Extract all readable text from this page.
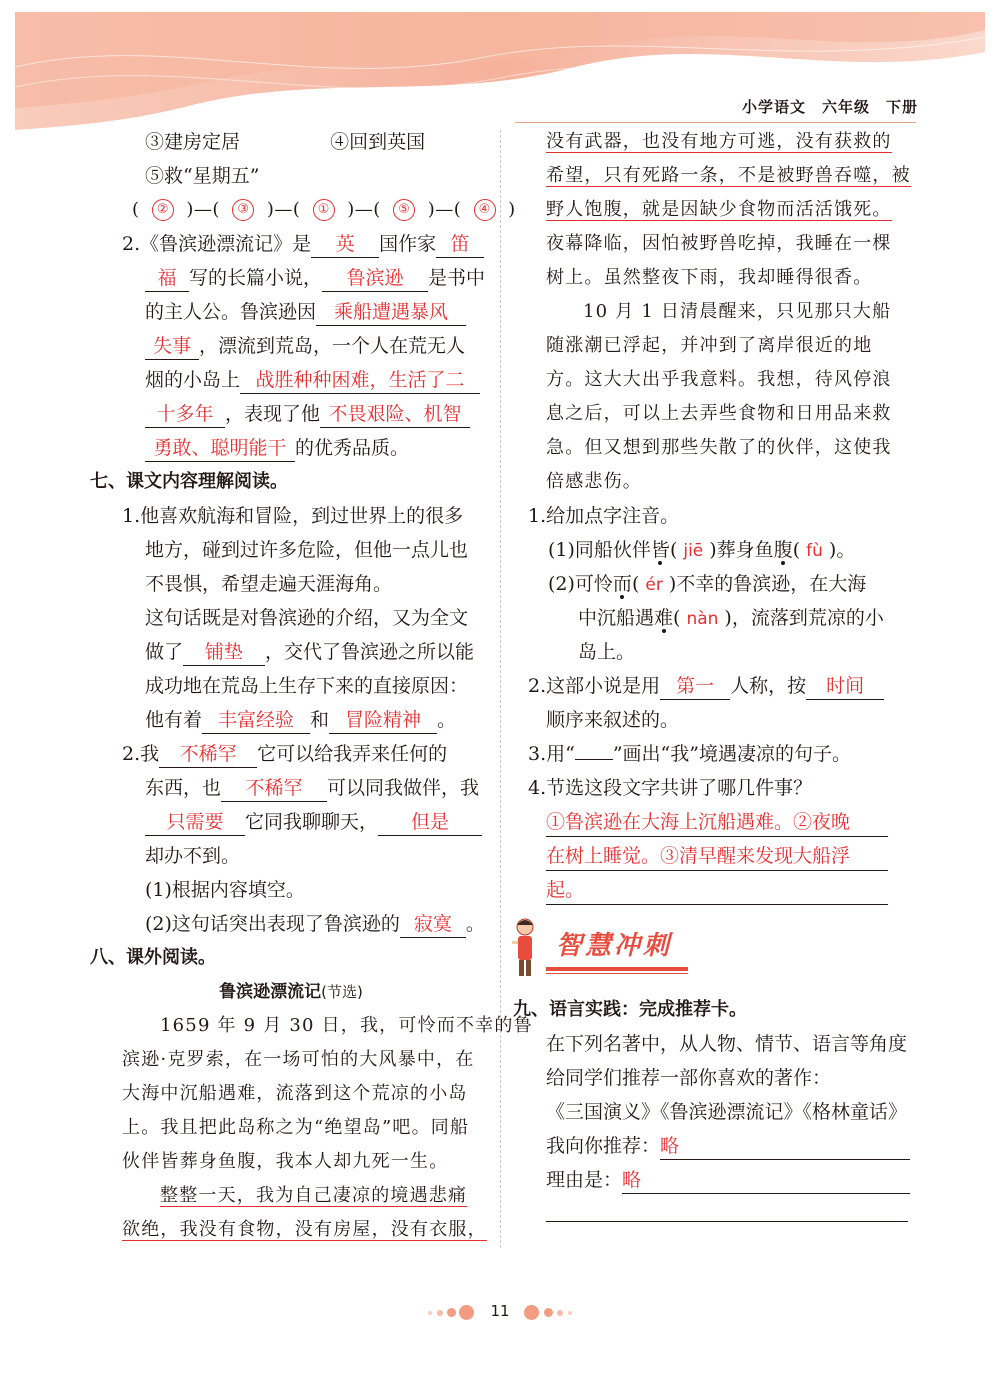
小学语文　六年级　下册
③建房定居	④回到英国
⑤救“星期五”
(  ②  )—(  ③  )—(  ①  )—(  ⑤  )—(  ④  )
2.《鲁滨逊漂流记》是 英 国作家 笛
福 写的长篇小说， 鲁滨逊 是书中
的主人公。鲁滨逊因 乘船遭遇暴风
失事 ，漂流到荒岛，一个人在荒无人
烟的小岛上 战胜种种困难，生活了二
十多年 ，表现了他 不畏艰险、机智
勇敢、聪明能干 的优秀品质。
七、课文内容理解阅读。
1.他喜欢航海和冒险，到过世界上的很多
地方，碰到过许多危险，但他一点儿也
不畏惧，希望走遍天涯海角。
这句话既是对鲁滨逊的介绍，又为全文
做了 铺垫 ，交代了鲁滨逊之所以能
成功地在荒岛上生存下来的直接原因：
他有着 丰富经验 和 冒险精神 。
2.我 不稀罕 它可以给我弄来任何的
东西，也 不稀罕 可以同我做伴，我
只需要 它同我聊聊天， 但是
却办不到。
(1)根据内容填空。
(2)这句话突出表现了鲁滨逊的 寂寞 。
八、课外阅读。
鲁滨逊漂流记(节选)
1659 年 9 月 30 日，我，可怜而不幸的鲁
滨逊·克罗索，在一场可怕的大风暴中，在
大海中沉船遇难，流落到这个荒凉的小岛
上。我且把此岛称之为“绝望岛”吧。同船
伙伴皆葬身鱼腹，我本人却九死一生。
整整一天，我为自己凄凉的境遇悲痛
欲绝，我没有食物，没有房屋，没有衣服，
没有武器，也没有地方可逃，没有获救的
希望，只有死路一条，不是被野兽吞噬，被
野人饱腹，就是因缺少食物而活活饿死。
夜幕降临，因怕被野兽吃掉，我睡在一棵
树上。虽然整夜下雨，我却睡得很香。
10 月 1 日清晨醒来，只见那只大船
随涨潮已浮起，并冲到了离岸很近的地
方。这大大出乎我意料。我想，待风停浪
息之后，可以上去弄些食物和日用品来救
急。但又想到那些失散了的伙伴，这使我
倍感悲伤。
1.给加点字注音。
(1)同船伙伴皆( jiē )葬身鱼腹( fù )。
(2)可怜而( ér )不幸的鲁滨逊，在大海
中沉船遇难( nàn )，流落到荒凉的小
岛上。
2.这部小说是用 第一 人称，按 时间
顺序来叙述的。
3.用“ ”画出“我”境遇凄凉的句子。
4.节选这段文字共讲了哪几件事？
①鲁滨逊在大海上沉船遇难。②夜晚
在树上睡觉。③清早醒来发现大船浮
起。
智慧冲刺
九、语言实践：完成推荐卡。
在下列名著中，从人物、情节、语言等角度
给同学们推荐一部你喜欢的著作：
《三国演义》《鲁滨逊漂流记》《格林童话》
我向你推荐：略
理由是：略
11
